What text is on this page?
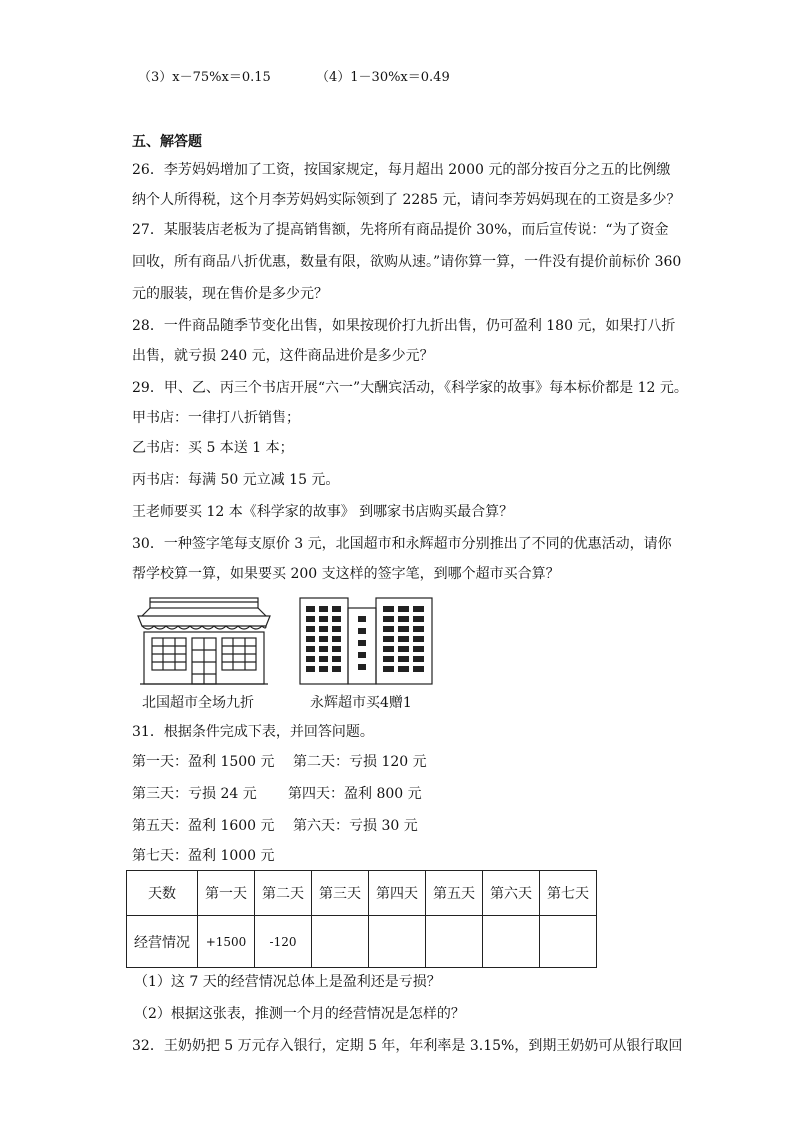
（3）x－75%x＝0.15	（4）1－30%x＝0.49
五、解答题
26．李芳妈妈增加了工资，按国家规定，每月超出 2000 元的部分按百分之五的比例缴
纳个人所得税，这个月李芳妈妈实际领到了 2285 元，请问李芳妈妈现在的工资是多少？
27．某服装店老板为了提高销售额，先将所有商品提价 30%，而后宣传说：“为了资金
回收，所有商品八折优惠，数量有限，欲购从速。”请你算一算，一件没有提价前标价 360
元的服装，现在售价是多少元？
28．一件商品随季节变化出售，如果按现价打九折出售，仍可盈利 180 元，如果打八折
出售，就亏损 240 元，这件商品进价是多少元？
29．甲、乙、丙三个书店开展“六一”大酬宾活动，《科学家的故事》每本标价都是 12 元。
甲书店：一律打八折销售；
乙书店：买 5 本送 1 本；
丙书店：每满 50 元立减 15 元。
王老师要买 12 本《科学家的故事》 到哪家书店购买最合算？
30．一种签字笔每支原价 3 元，北国超市和永辉超市分别推出了不同的优惠活动，请你
帮学校算一算，如果要买 200 支这样的签字笔，到哪个超市买合算？
北国超市全场九折	永辉超市买4赠1
31．根据条件完成下表，并回答问题。
第一天：盈利 1500 元 第二天：亏损 120 元
第三天：亏损 24 元 第四天：盈利 800 元
第五天：盈利 1600 元 第六天：亏损 30 元
第七天：盈利 1000 元
天数	第一天	第二天	第三天	第四天	第五天	第六天	第七天
经营情况	+1500	-120					
（1）这 7 天的经营情况总体上是盈利还是亏损？
（2）根据这张表，推测一个月的经营情况是怎样的？
32．王奶奶把 5 万元存入银行，定期 5 年，年利率是 3.15%，到期王奶奶可从银行取回
